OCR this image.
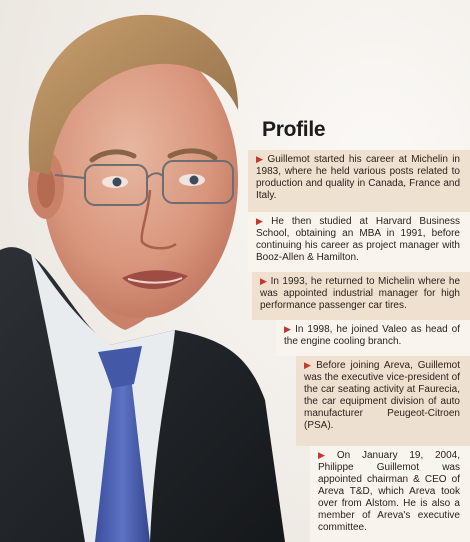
Profile

▶ Guillemot started his career at Michelin in 1983, where he held various posts related to production and quality in Canada, France and Italy.

▶ He then studied at Harvard Business School, obtaining an MBA in 1991, before continuing his career as project manager with Booz-Allen & Hamilton.

▶ In 1993, he returned to Michelin where he was appointed industrial manager for high performance passenger car tires.

▶ In 1998, he joined Valeo as head of the engine cooling branch.

▶ Before joining Areva, Guillemot was the executive vice-president of the car seating activity at Faurecia, the car equipment division of auto manufacturer Peugeot-Citroen (PSA).

▶ On January 19, 2004, Philippe Guillemot was appointed chairman & CEO of Areva T&D, which Areva took over from Alstom. He is also a member of Areva's executive committee.
